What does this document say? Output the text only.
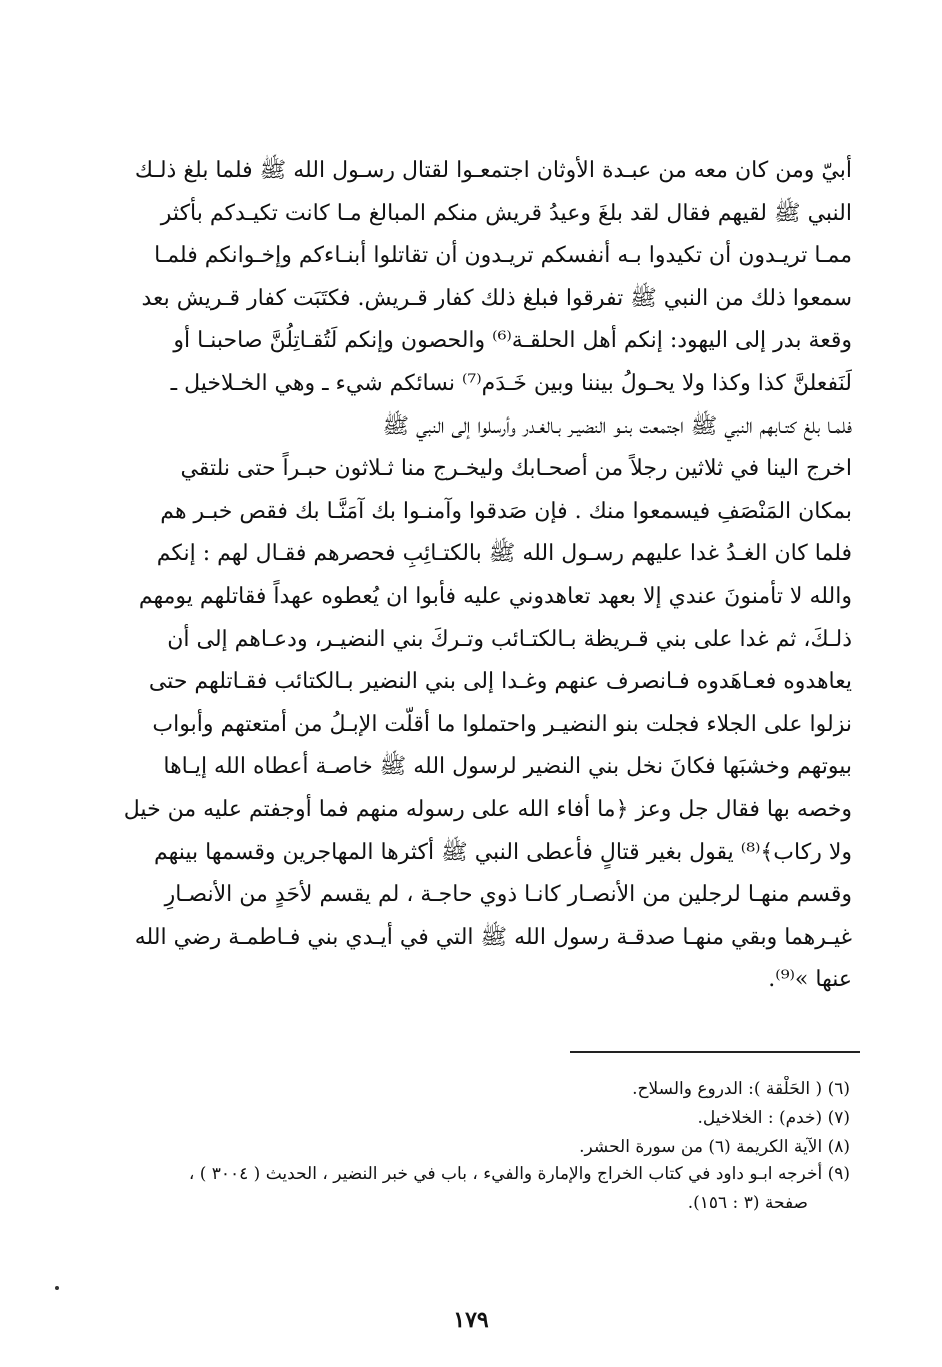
أبيّ ومن كان معه من عبـدة الأوثان اجتمعـوا لقتال رسـول الله ﷺ فلما بلغ ذلـك
النبي ﷺ لقيهم فقال لقد بلغَ وعيدُ قريش منكم المبالغ مـا كانت تكيـدكم بأكثر
ممـا تريـدون أن تكيدوا بـه أنفسكم تريـدون أن تقاتلوا أبنـاءكم وإخـوانكم فلمـا
سمعوا ذلك من النبي ﷺ تفرقوا فبلغ ذلك كفار قـريش. فكتَبَت كفار قـريش بعد
وقعة بدر إلى اليهود: إنكم أهل الحلقـة⁽⁶⁾ والحصون وإنكم لَتُقـاتِلُنَّ صاحبنـا أو
لَنَفعلنَّ كذا وكذا ولا يحـولُ بيننا وبين خَـدَم⁽⁷⁾ نسائكم شيء ـ وهي الخـلاخيل ـ
فلمـا بلغ كتـابهم النبي ﷺ اجتمعت بنـو النضيـر بـالغـدر وأرسلوا إلى النبي ﷺ
اخرج الينا في ثلاثين رجلاً من أصحـابك وليخـرج منا ثـلاثون حبـراً حتى نلتقي
بمكان المَنْصَفِ فيسمعوا منك . فإن صَدقوا وآمنـوا بك آمَنَّـا بك فقص خبـر هم
فلما كان الغـدُ غدا عليهم رسـول الله ﷺ بالكتـائِبِ فحصرهم فقـال لهم : إنكم
والله لا تأمنونَ عندي إلا بعهد تعاهدوني عليه فأبوا ان يُعطوه عهداً فقاتلهم يومهم
ذلـكَ، ثم غدا على بني قـريظة بـالكتـائب وتـركَ بني النضيـر، ودعـاهم إلى أن
يعاهدوه فعـاهَدوه فـانصرف عنهم وغـدا إلى بني النضير بـالكتائب فقـاتلهم حتى
نزلوا على الجلاء فجلت بنو النضيـر واحتملوا ما أقلّت الإبـلُ من أمتعتهم وأبواب
بيوتهم وخشبَها فكانَ نخل بني النضير لرسول الله ﷺ خاصـة أعطاه الله إيـاها
وخصه بها فقال جل وعز ﴿ما أفاء الله على رسوله منهم فما أوجفتم عليه من خيل
ولا ركاب﴾⁽⁸⁾ يقول بغير قتالٍ فأعطى النبي ﷺ أكثرها المهاجرين وقسمها بينهم
وقسم منهـا لرجلين من الأنصـار كانـا ذوي حاجـة ، لم يقسم لأحَدٍ من الأنصـارِ
غيـرهما وبقي منهـا صدقـة رسول الله ﷺ التي في أيـدي بني فـاطمـة رضي الله
عنها »⁽⁹⁾.
(٦) ( الحَلْقة ): الدروع والسلاح.
(٧) (خدم) : الخلاخيل.
(٨) الآية الكريمة (٦) من سورة الحشر.
(٩) أخرجه ابـو داود في كتاب الخراج والإمارة والفيء ، باب في خبر النضير ، الحديث ( ٣٠٠٤ ) ،
صفحة (٣ : ١٥٦).
١٧٩
